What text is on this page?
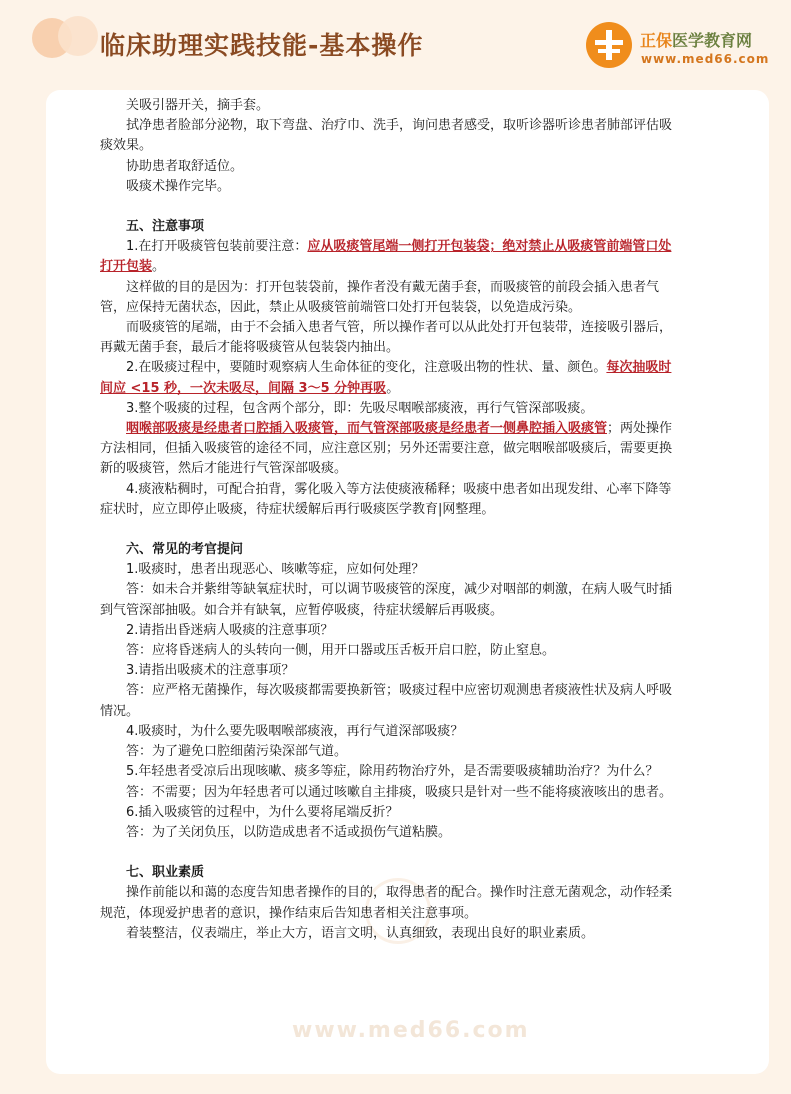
临床助理实践技能-基本操作	正保医学教育网
www.med66.com
www.med66.com

关吸引器开关，摘手套。

拭净患者脸部分泌物，取下弯盘、治疗巾、洗手，询问患者感受，取听诊器听诊患者肺部评估吸痰效果。

协助患者取舒适位。

吸痰术操作完毕。

五、注意事项

1.在打开吸痰管包装前要注意：应从吸痰管尾端一侧打开包装袋；绝对禁止从吸痰管前端管口处打开包装。

这样做的目的是因为：打开包装袋前，操作者没有戴无菌手套，而吸痰管的前段会插入患者气管，应保持无菌状态，因此，禁止从吸痰管前端管口处打开包装袋，以免造成污染。

而吸痰管的尾端，由于不会插入患者气管，所以操作者可以从此处打开包装带，连接吸引器后，再戴无菌手套，最后才能将吸痰管从包装袋内抽出。

2.在吸痰过程中，要随时观察病人生命体征的变化，注意吸出物的性状、量、颜色。每次抽吸时间应 <15 秒，一次未吸尽，间隔 3～5 分钟再吸。

3.整个吸痰的过程，包含两个部分，即：先吸尽咽喉部痰液，再行气管深部吸痰。

咽喉部吸痰是经患者口腔插入吸痰管，而气管深部吸痰是经患者一侧鼻腔插入吸痰管；两处操作方法相同，但插入吸痰管的途径不同，应注意区别；另外还需要注意，做完咽喉部吸痰后，需要更换新的吸痰管，然后才能进行气管深部吸痰。

4.痰液粘稠时，可配合拍背，雾化吸入等方法使痰液稀释；吸痰中患者如出现发绀、心率下降等症状时，应立即停止吸痰，待症状缓解后再行吸痰医学教育|网整理。

六、常见的考官提问

1.吸痰时，患者出现恶心、咳嗽等症，应如何处理？

答：如未合并紫绀等缺氧症状时，可以调节吸痰管的深度，减少对咽部的刺激，在病人吸气时插到气管深部抽吸。如合并有缺氧，应暂停吸痰，待症状缓解后再吸痰。

2.请指出昏迷病人吸痰的注意事项？

答：应将昏迷病人的头转向一侧，用开口器或压舌板开启口腔，防止窒息。

3.请指出吸痰术的注意事项？

答：应严格无菌操作，每次吸痰都需要换新管；吸痰过程中应密切观测患者痰液性状及病人呼吸情况。

4.吸痰时，为什么要先吸咽喉部痰液，再行气道深部吸痰？

答：为了避免口腔细菌污染深部气道。

5.年轻患者受凉后出现咳嗽、痰多等症，除用药物治疗外，是否需要吸痰辅助治疗？为什么？

答：不需要；因为年轻患者可以通过咳嗽自主排痰，吸痰只是针对一些不能将痰液咳出的患者。

6.插入吸痰管的过程中，为什么要将尾端反折？

答：为了关闭负压，以防造成患者不适或损伤气道粘膜。

七、职业素质

操作前能以和蔼的态度告知患者操作的目的，取得患者的配合。操作时注意无菌观念，动作轻柔规范，体现爱护患者的意识，操作结束后告知患者相关注意事项。

着装整洁，仪表端庄，举止大方，语言文明，认真细致，表现出良好的职业素质。
